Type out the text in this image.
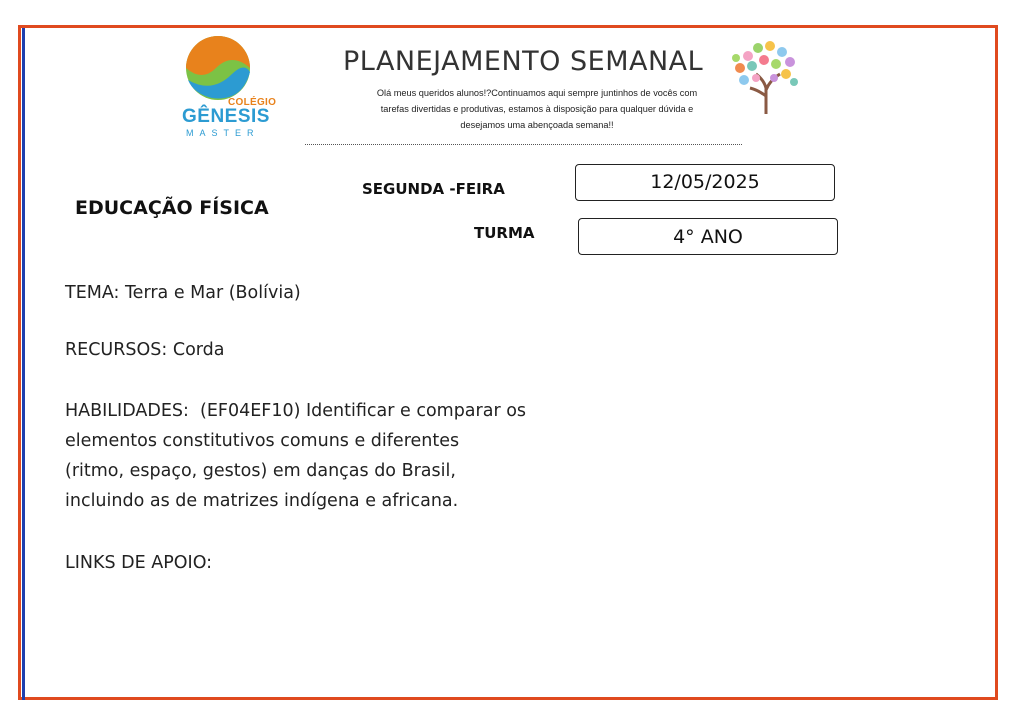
COLÉGIO
GÊNESIS
MASTER
PLANEJAMENTO SEMANAL
Olá meus queridos alunos!?Continuamos aqui sempre juntinhos de vocês com
tarefas divertidas e produtivas, estamos à disposição para qualquer dúvida e
desejamos uma abençoada semana!!
EDUCAÇÃO FÍSICA
SEGUNDA -FEIRA	12/05/2025
TURMA	4° ANO
TEMA: Terra e Mar (Bolívia)
RECURSOS: Corda
HABILIDADES:  (EF04EF10) Identificar e comparar os
elementos constitutivos comuns e diferentes
(ritmo, espaço, gestos) em danças do Brasil,
incluindo as de matrizes indígena e africana.
LINKS DE APOIO:
